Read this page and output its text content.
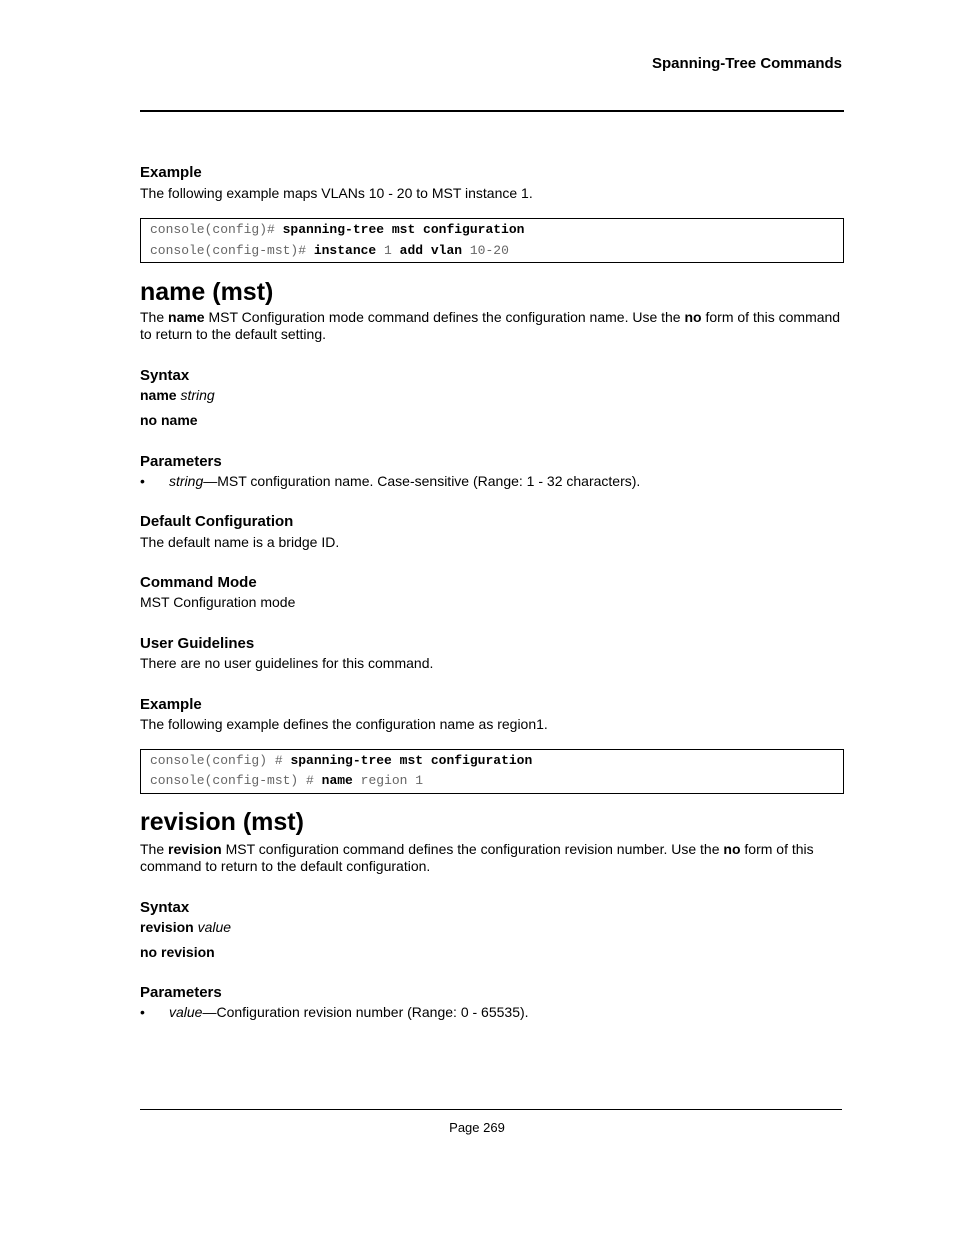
Spanning-Tree Commands
Example
The following example maps VLANs 10 - 20 to MST instance 1.
console(config)# spanning-tree mst configuration
console(config-mst)# instance 1 add vlan 10-20
name (mst)
The name MST Configuration mode command defines the configuration name. Use the no form of this command
to return to the default setting.
Syntax
name string
no name
Parameters
• string—MST configuration name. Case-sensitive (Range: 1 - 32 characters).
Default Configuration
The default name is a bridge ID.
Command Mode
MST Configuration mode
User Guidelines
There are no user guidelines for this command.
Example
The following example defines the configuration name as region1.
console(config) # spanning-tree mst configuration
console(config-mst) # name region 1
revision (mst)
The revision MST configuration command defines the configuration revision number. Use the no form of this
command to return to the default configuration.
Syntax
revision value
no revision
Parameters
• value—Configuration revision number (Range: 0 - 65535).
Page 269
